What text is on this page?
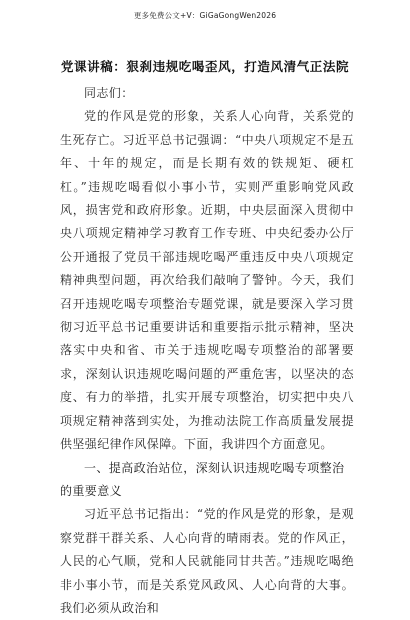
更多免费公文+V：GiGaGongWen2026
党课讲稿：狠刹违规吃喝歪风，打造风清气正法院

同志们：

党的作风是党的形象，关系人心向背，关系党的生死存亡。习近平总书记强调：“中央八项规定不是五年、十年的规定，而是长期有效的铁规矩、硬杠杠。”违规吃喝看似小事小节，实则严重影响党风政风，损害党和政府形象。近期，中央层面深入贯彻中央八项规定精神学习教育工作专班、中央纪委办公厅公开通报了党员干部违规吃喝严重违反中央八项规定精神典型问题，再次给我们敲响了警钟。今天，我们召开违规吃喝专项整治专题党课，就是要深入学习贯彻习近平总书记重要讲话和重要指示批示精神，坚决落实中央和省、市关于违规吃喝专项整治的部署要求，深刻认识违规吃喝问题的严重危害，以坚决的态度、有力的举措，扎实开展专项整治，切实把中央八项规定精神落到实处，为推动法院工作高质量发展提供坚强纪律作风保障。下面，我讲四个方面意见。

一、提高政治站位，深刻认识违规吃喝专项整治的重要意义

习近平总书记指出：“党的作风是党的形象，是观察党群干群关系、人心向背的晴雨表。党的作风正，人民的心气顺，党和人民就能同甘共苦。”违规吃喝绝非小事小节，而是关系党风政风、人心向背的大事。我们必须从政治和
